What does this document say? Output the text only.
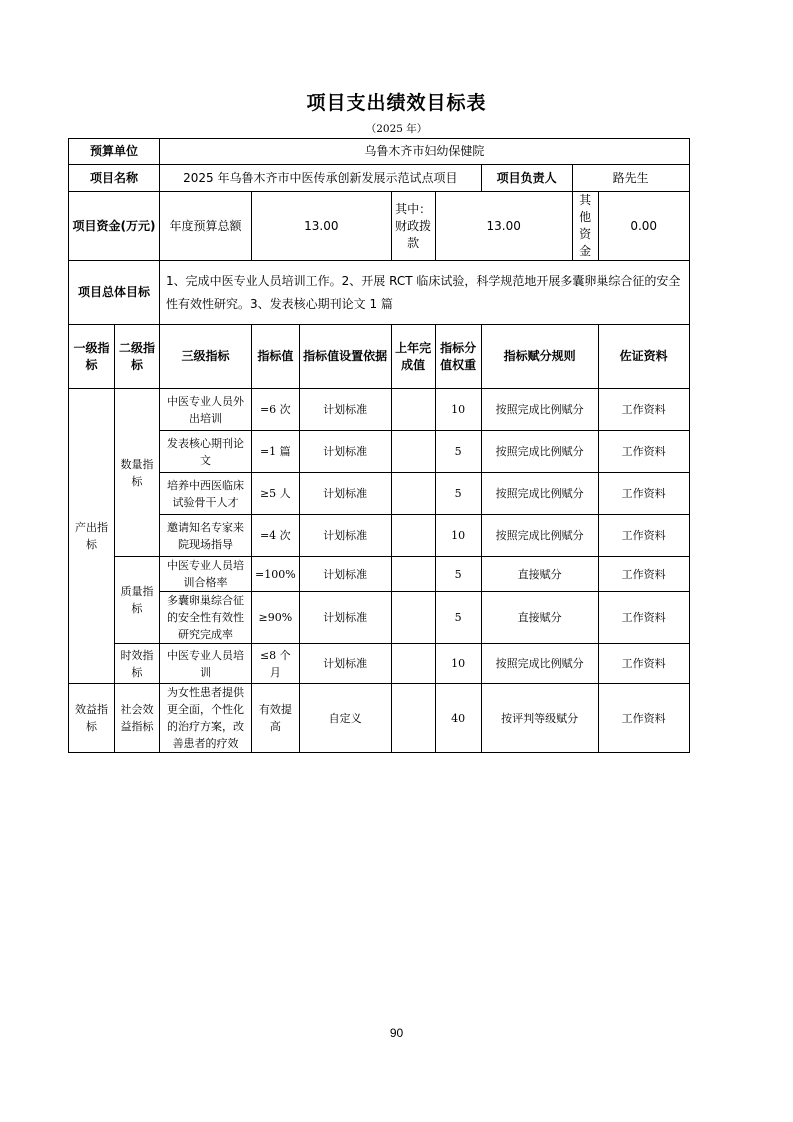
项目支出绩效目标表
（2025 年）
预算单位		乌鲁木齐市妇幼保健院							
项目名称		2025 年乌鲁木齐市中医传承创新发展示范试点项目					项目负责人	路先生	
项目资金(万元)		年度预算总额	13.00		其中：财政拨款	13.00		其他资金	0.00
项目总体目标		1、完成中医专业人员培训工作。2、开展 RCT 临床试验，科学规范地开展多囊卵巢综合征的安全性有效性研究。3、发表核心期刊论文 1 篇							
一级指标	二级指标	三级指标	指标值	指标值设置依据	上年完成值	指标分值权重	指标赋分规则		佐证资料
产出指标	数量指标	中医专业人员外出培训	=6 次	计划标准		10	按照完成比例赋分		工作资料
		发表核心期刊论文	=1 篇	计划标准		5	按照完成比例赋分		工作资料
		培养中西医临床试验骨干人才	≥5 人	计划标准		5	按照完成比例赋分		工作资料
		邀请知名专家来院现场指导	=4 次	计划标准		10	按照完成比例赋分		工作资料
	质量指标	中医专业人员培训合格率	=100%	计划标准		5	直接赋分		工作资料
		多囊卵巢综合征的安全性有效性研究完成率	≥90%	计划标准		5	直接赋分		工作资料
	时效指标	中医专业人员培训	≤8 个月	计划标准		10	按照完成比例赋分		工作资料
效益指标	社会效益指标	为女性患者提供更全面，个性化的治疗方案，改善患者的疗效	有效提高	自定义		40	按评判等级赋分		工作资料
90
